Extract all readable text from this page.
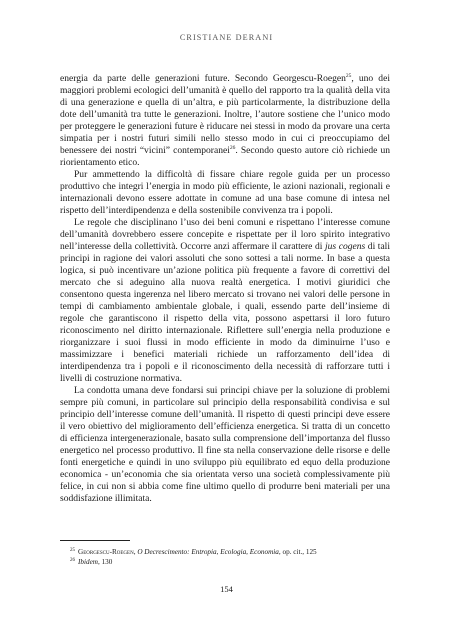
CRISTIANE DERANI

energia da parte delle generazioni future. Secondo Georgescu-Roegen$^{25}$, uno dei maggiori problemi ecologici dell’umanità è quello del rapporto tra la qualità della vita di una generazione e quella di un’altra, e più particolarmente, la distribuzione della dote dell’umanità tra tutte le generazioni. Inoltre, l’autore sostiene che l’unico modo per proteggere le generazioni future è riducare nei stessi in modo da provare una certa simpatia per i nostri futuri simili nello stesso modo in cui ci preoccupiamo del benessere dei nostri “vicini” contemporanei$^{26}$. Secondo questo autore ciò richiede un riorientamento etico.

Pur ammettendo la difficoltà di fissare chiare regole guida per un processo produttivo che integri l’energia in modo più efficiente, le azioni nazionali, regionali e internazionali devono essere adottate in comune ad una base comune di intesa nel rispetto dell’interdipendenza e della sostenibile convivenza tra i popoli.

Le regole che disciplinano l’uso dei beni comuni e rispettano l’interesse comune dell’umanità dovrebbero essere concepite e rispettate per il loro spirito integrativo nell’interesse della collettività. Occorre anzi affermare il carattere di jus cogens di tali principi in ragione dei valori assoluti che sono sottesi a tali norme. In base a questa logica, si può incentivare un’azione politica più frequente a favore di correttivi del mercato che si adeguino alla nuova realtà energetica. I motivi giuridici che consentono questa ingerenza nel libero mercato si trovano nei valori delle persone in tempi di cambiamento ambientale globale, i quali, essendo parte dell’insieme di regole che garantiscono il rispetto della vita, possono aspettarsi il loro futuro riconoscimento nel diritto internazionale. Riflettere sull’energia nella produzione e riorganizzare i suoi flussi in modo efficiente in modo da diminuirne l’uso e massimizzare i benefici materiali richiede un rafforzamento dell’idea di interdipendenza tra i popoli e il riconoscimento della necessità di rafforzare tutti i livelli di costruzione normativa.

La condotta umana deve fondarsi sui principi chiave per la soluzione di problemi sempre più comuni, in particolare sul principio della responsabilità condivisa e sul principio dell’interesse comune dell’umanità. Il rispetto di questi principi deve essere il vero obiettivo del miglioramento dell’efficienza energetica. Si tratta di un concetto di efficienza intergenerazionale, basato sulla comprensione dell’importanza del flusso energetico nel processo produttivo. Il fine sta nella conservazione delle risorse e delle fonti energetiche e quindi in uno sviluppo più equilibrato ed equo della produzione economica - un’economia che sia orientata verso una società complessivamente più felice, in cui non si abbia come fine ultimo quello di produrre beni materiali per una soddisfazione illimitata.

$^{25}$ Georgescu-Roegen, O Decrescimento: Entropia, Ecologia, Economia, op. cit., 125

$^{26}$ Ibidem, 130

154
